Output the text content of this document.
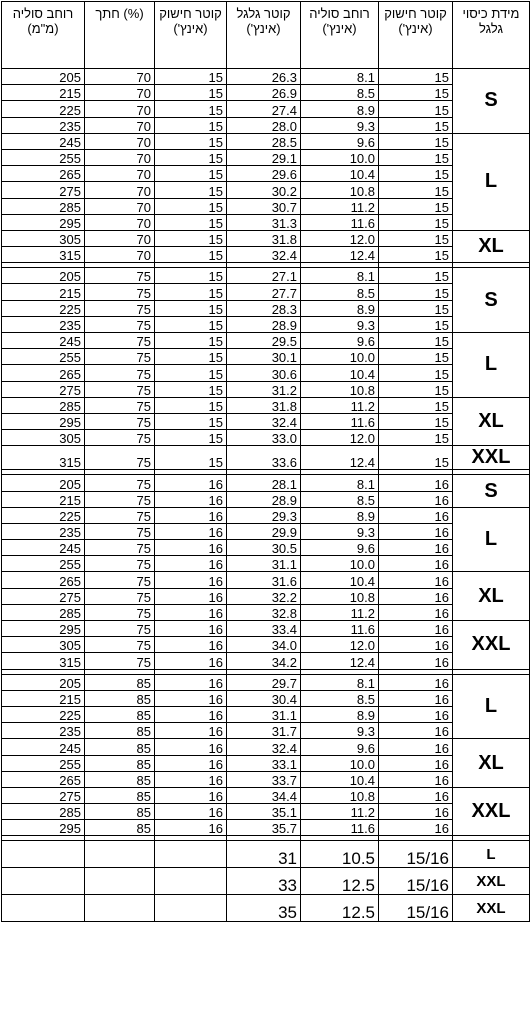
רוחב סוליה (מ"מ)	חתך (%)	קוטר חישוק (אינץ')	קוטר גלגל (אינץ')	רוחב סוליה (אינץ')	קוטר חישוק (אינץ')	מידת כיסוי גלגל
205	70	15	26.3	8.1	15	S
215	70	15	26.9	8.5	15	
225	70	15	27.4	8.9	15	
235	70	15	28.0	9.3	15	
245	70	15	28.5	9.6	15	L
255	70	15	29.1	10.0	15	
265	70	15	29.6	10.4	15	
275	70	15	30.2	10.8	15	
285	70	15	30.7	11.2	15	
295	70	15	31.3	11.6	15	
305	70	15	31.8	12.0	15	XL
315	70	15	32.4	12.4	15	

205	75	15	27.1	8.1	15	S
215	75	15	27.7	8.5	15	
225	75	15	28.3	8.9	15	
235	75	15	28.9	9.3	15	
245	75	15	29.5	9.6	15	L
255	75	15	30.1	10.0	15	
265	75	15	30.6	10.4	15	
275	75	15	31.2	10.8	15	
285	75	15	31.8	11.2	15	XL
295	75	15	32.4	11.6	15	
305	75	15	33.0	12.0	15	
315	75	15	33.6	12.4	15	XXL

205	75	16	28.1	8.1	16	S
215	75	16	28.9	8.5	16	
225	75	16	29.3	8.9	16	L
235	75	16	29.9	9.3	16	
245	75	16	30.5	9.6	16	
255	75	16	31.1	10.0	16	
265	75	16	31.6	10.4	16	XL
275	75	16	32.2	10.8	16	
285	75	16	32.8	11.2	16	
295	75	16	33.4	11.6	16	XXL
305	75	16	34.0	12.0	16	
315	75	16	34.2	12.4	16	

205	85	16	29.7	8.1	16	L
215	85	16	30.4	8.5	16	
225	85	16	31.1	8.9	16	
235	85	16	31.7	9.3	16	
245	85	16	32.4	9.6	16	XL
255	85	16	33.1	10.0	16	
265	85	16	33.7	10.4	16	
275	85	16	34.4	10.8	16	XXL
285	85	16	35.1	11.2	16	
295	85	16	35.7	11.6	16	

			31	10.5	15/16	L
			33	12.5	15/16	XXL
			35	12.5	15/16	XXL
